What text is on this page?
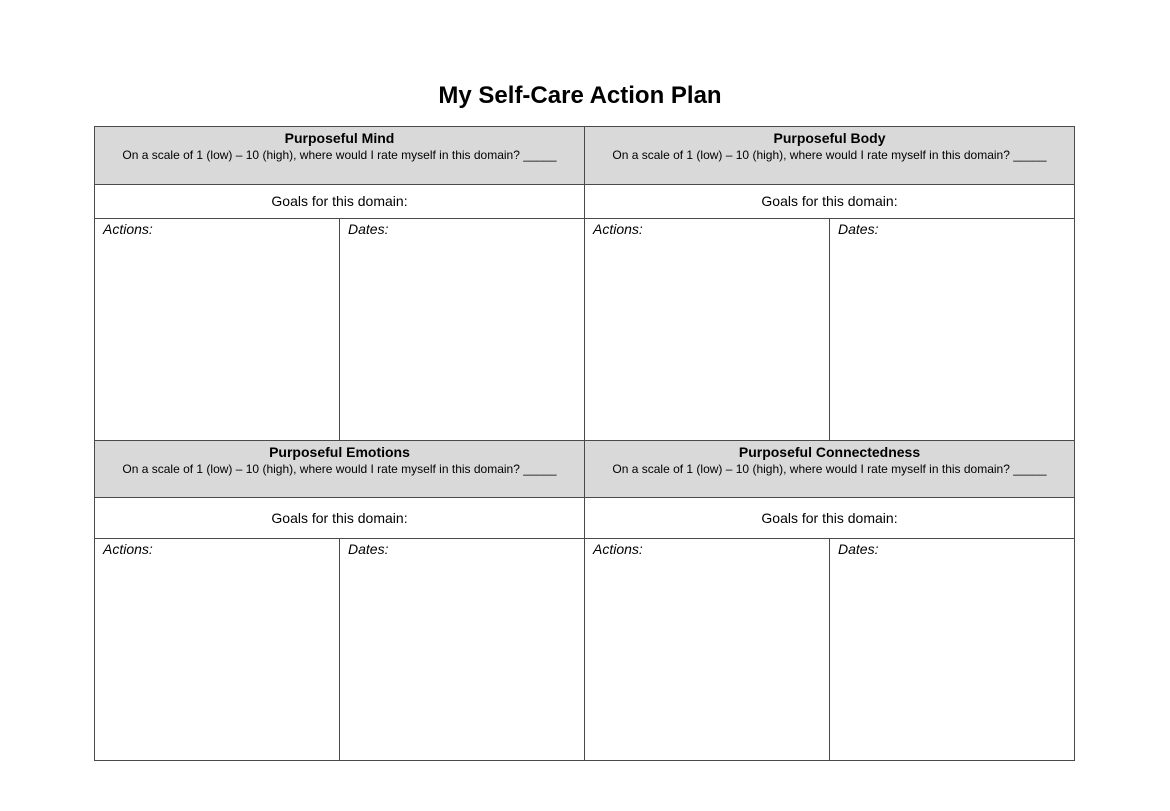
My Self-Care Action Plan
Purposeful Mind
On a scale of 1 (low) – 10 (high), where would I rate myself in this domain? _____
Goals for this domain:
Actions:	Dates:
Purposeful Body
On a scale of 1 (low) – 10 (high), where would I rate myself in this domain? _____
Goals for this domain:
Actions:	Dates:
Purposeful Emotions
On a scale of 1 (low) – 10 (high), where would I rate myself in this domain? _____
Goals for this domain:
Actions:	Dates:
Purposeful Connectedness
On a scale of 1 (low) – 10 (high), where would I rate myself in this domain? _____
Goals for this domain:
Actions:	Dates:
